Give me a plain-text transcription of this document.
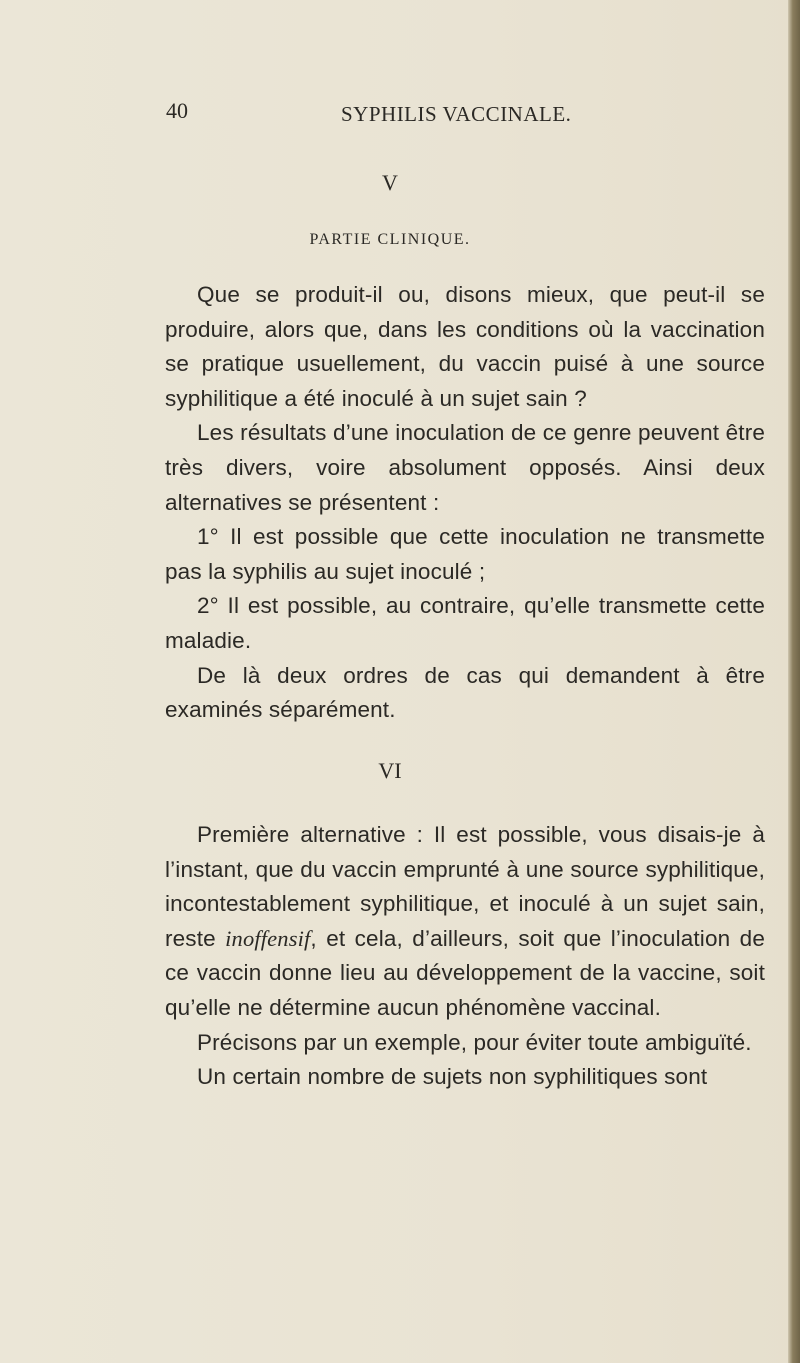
40	SYPHILIS VACCINALE.
V
PARTIE CLINIQUE.

Que se produit-il ou, disons mieux, que peut-il se produire, alors que, dans les conditions où la vaccination se pratique usuellement, du vaccin puisé à une source syphilitique a été inoculé à un sujet sain ?

Les résultats d’une inoculation de ce genre peuvent être très divers, voire absolument opposés. Ainsi deux alternatives se présentent :

1° Il est possible que cette inoculation ne transmette pas la syphilis au sujet inoculé ;

2° Il est possible, au contraire, qu’elle transmette cette maladie.

De là deux ordres de cas qui demandent à être examinés séparément.

VI

Première alternative : Il est possible, vous disais-je à l’instant, que du vaccin emprunté à une source syphilitique, incontestablement syphilitique, et inoculé à un sujet sain, reste inoffensif, et cela, d’ailleurs, soit que l’inoculation de ce vaccin donne lieu au développement de la vaccine, soit qu’elle ne détermine aucun phénomène vaccinal.

Précisons par un exemple, pour éviter toute ambiguïté.

Un certain nombre de sujets non syphilitiques sont
